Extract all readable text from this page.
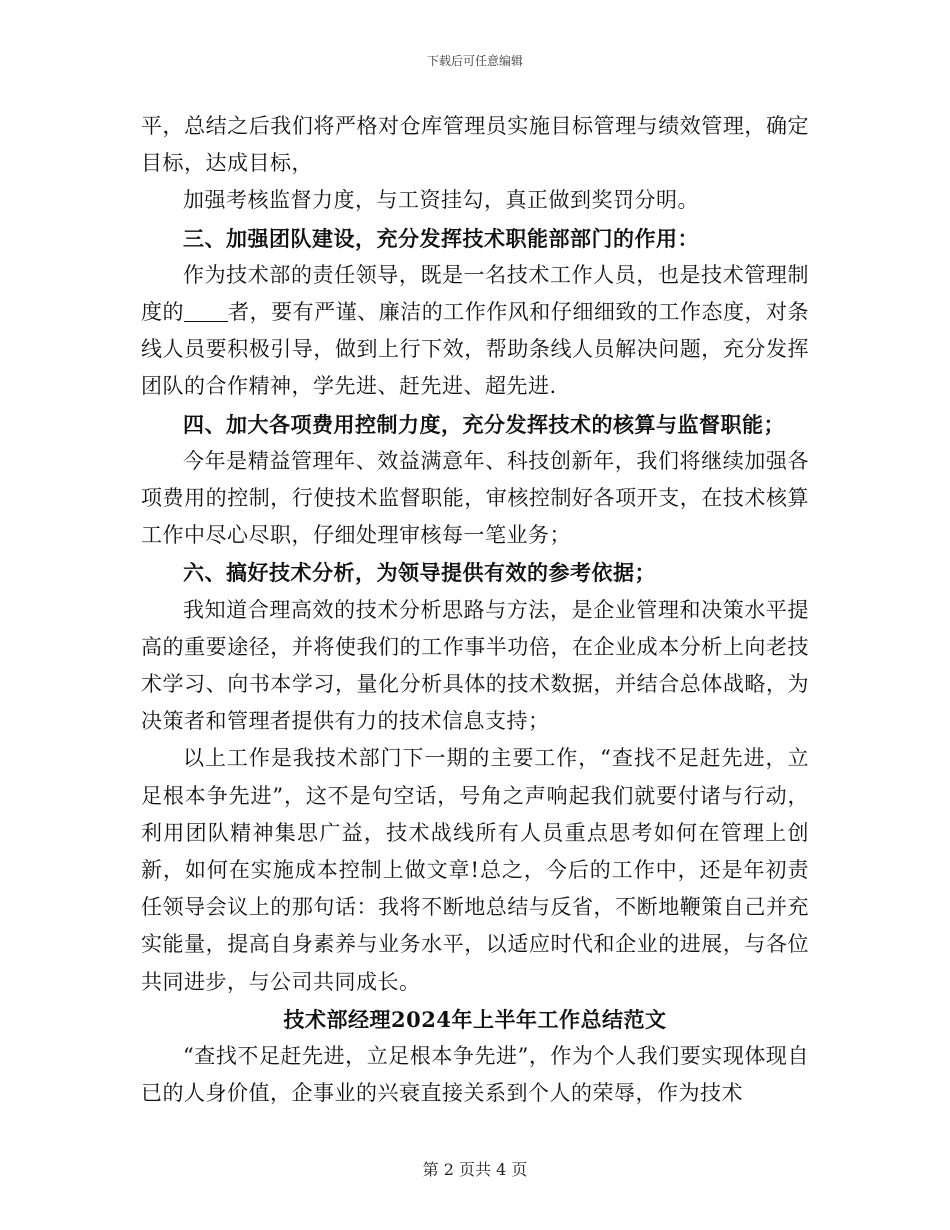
下载后可任意编辑

平，总结之后我们将严格对仓库管理员实施目标管理与绩效管理，确定目标，达成目标，

加强考核监督力度，与工资挂勾，真正做到奖罚分明。

三、加强团队建设，充分发挥技术职能部部门的作用：

作为技术部的责任领导，既是一名技术工作人员，也是技术管理制度的 者，要有严谨、廉洁的工作作风和仔细细致的工作态度，对条线人员要积极引导，做到上行下效，帮助条线人员解决问题，充分发挥团队的合作精神，学先进、赶先进、超先进.

四、加大各项费用控制力度，充分发挥技术的核算与监督职能；

今年是精益管理年、效益满意年、科技创新年，我们将继续加强各项费用的控制，行使技术监督职能，审核控制好各项开支，在技术核算工作中尽心尽职，仔细处理审核每一笔业务；

六、搞好技术分析，为领导提供有效的参考依据；

我知道合理高效的技术分析思路与方法，是企业管理和决策水平提高的重要途径，并将使我们的工作事半功倍，在企业成本分析上向老技术学习、向书本学习，量化分析具体的技术数据，并结合总体战略，为决策者和管理者提供有力的技术信息支持；

以上工作是我技术部门下一期的主要工作，“查找不足赶先进，立足根本争先进”，这不是句空话，号角之声响起我们就要付诸与行动，利用团队精神集思广益，技术战线所有人员重点思考如何在管理上创新，如何在实施成本控制上做文章!总之，今后的工作中，还是年初责任领导会议上的那句话：我将不断地总结与反省，不断地鞭策自己并充实能量，提高自身素养与业务水平，以适应时代和企业的进展，与各位共同进步，与公司共同成长。

技术部经理2024年上半年工作总结范文

“查找不足赶先进，立足根本争先进”，作为个人我们要实现体现自已的人身价值，企事业的兴衰直接关系到个人的荣辱，作为技术

第 2 页共 4 页
